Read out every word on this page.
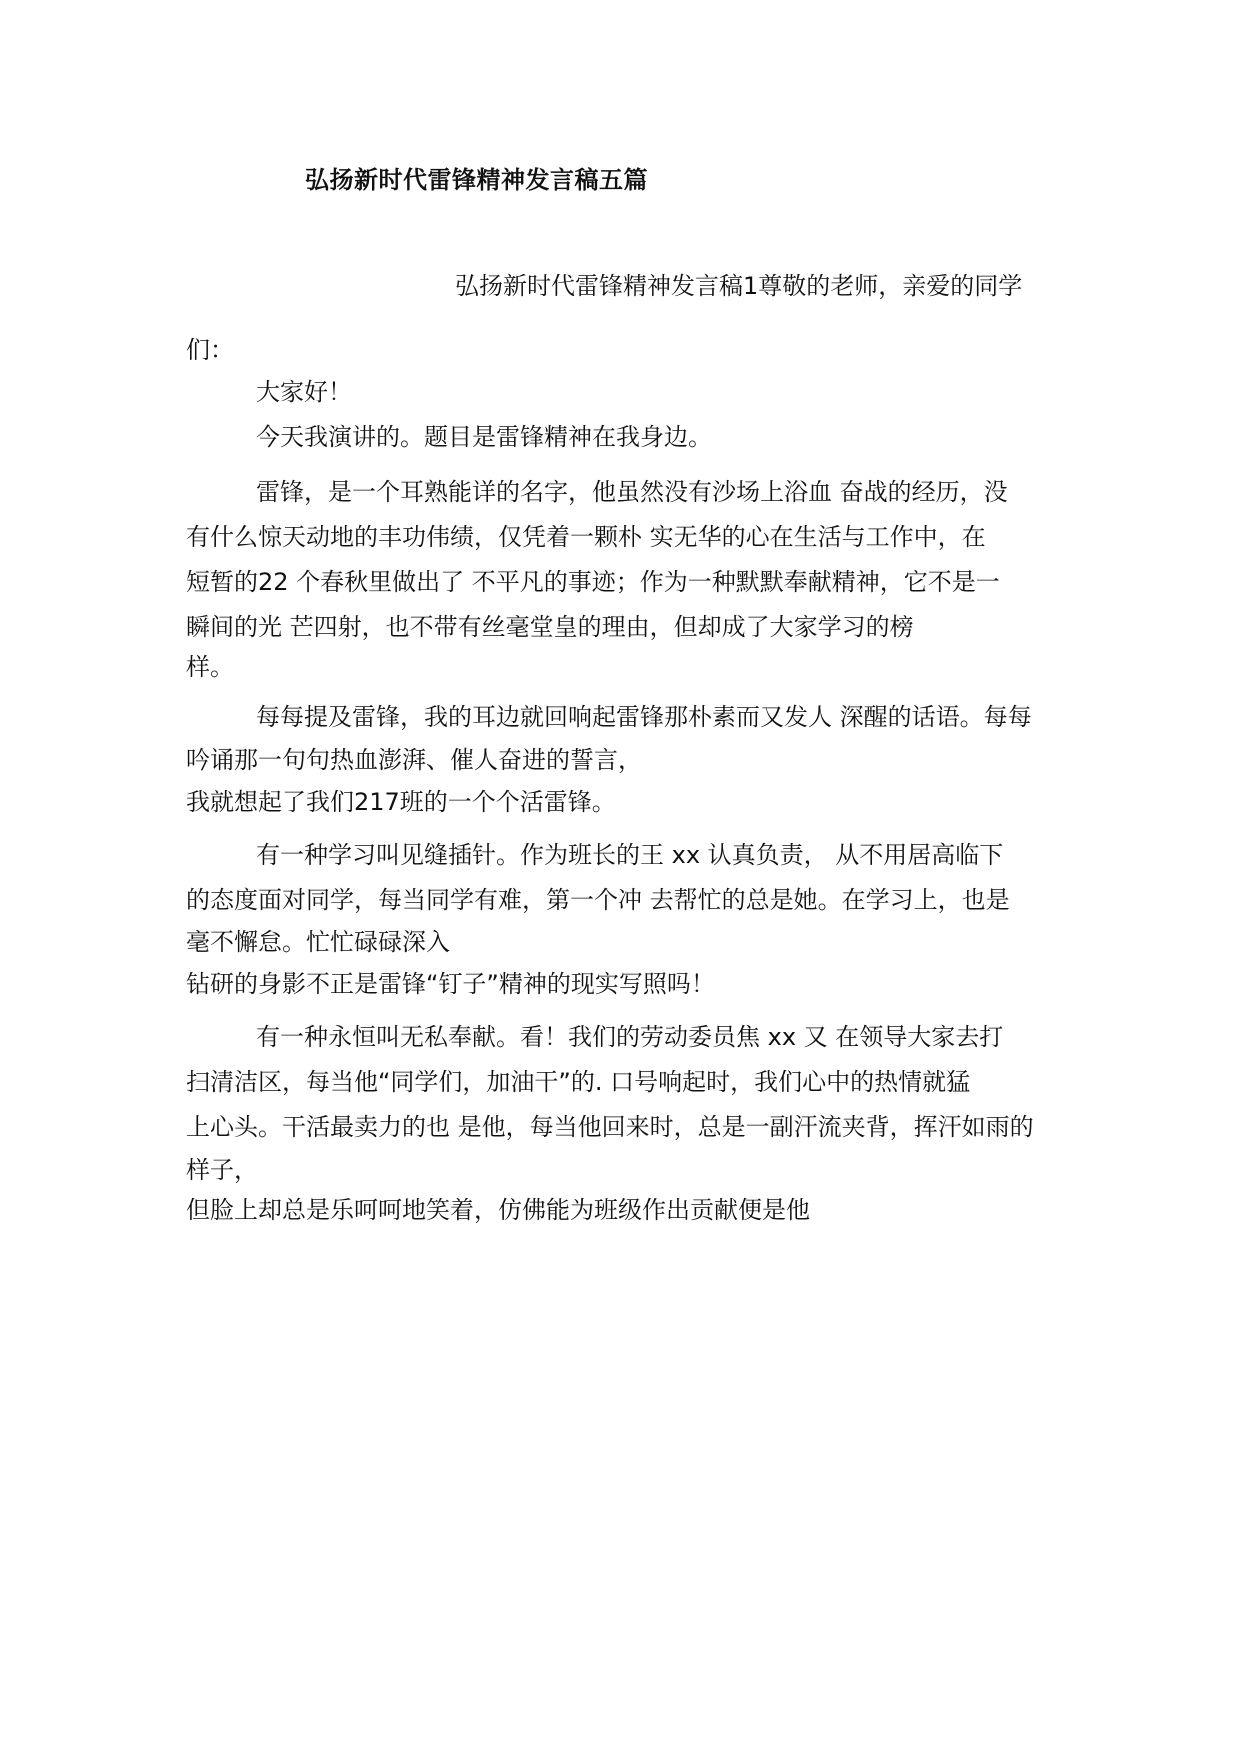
弘扬新时代雷锋精神发言稿五篇
弘扬新时代雷锋精神发言稿1尊敬的老师，亲爱的同学
们：
大家好！
今天我演讲的。题目是雷锋精神在我身边。
雷锋，是一个耳熟能详的名字，他虽然没有沙场上浴血 奋战的经历，没
有什么惊天动地的丰功伟绩，仅凭着一颗朴 实无华的心在生活与工作中，在
短暂的22 个春秋里做出了 不平凡的事迹；作为一种默默奉献精神，它不是一
瞬间的光 芒四射，也不带有丝毫堂皇的理由，但却成了大家学习的榜
样。
每每提及雷锋，我的耳边就回响起雷锋那朴素而又发人 深醒的话语。每每
吟诵那一句句热血澎湃、催人奋进的誓言，
我就想起了我们217班的一个个活雷锋。
有一种学习叫见缝插针。作为班长的王 xx 认真负责， 从不用居高临下
的态度面对同学，每当同学有难，第一个冲 去帮忙的总是她。在学习上，也是
毫不懈怠。忙忙碌碌深入
钻研的身影不正是雷锋“钉子”精神的现实写照吗！
有一种永恒叫无私奉献。看！我们的劳动委员焦 xx 又 在领导大家去打
扫清洁区，每当他“同学们，加油干”的. 口号响起时，我们心中的热情就猛
上心头。干活最卖力的也 是他，每当他回来时，总是一副汗流夹背，挥汗如雨的
样子，
但脸上却总是乐呵呵地笑着，仿佛能为班级作出贡献便是他
